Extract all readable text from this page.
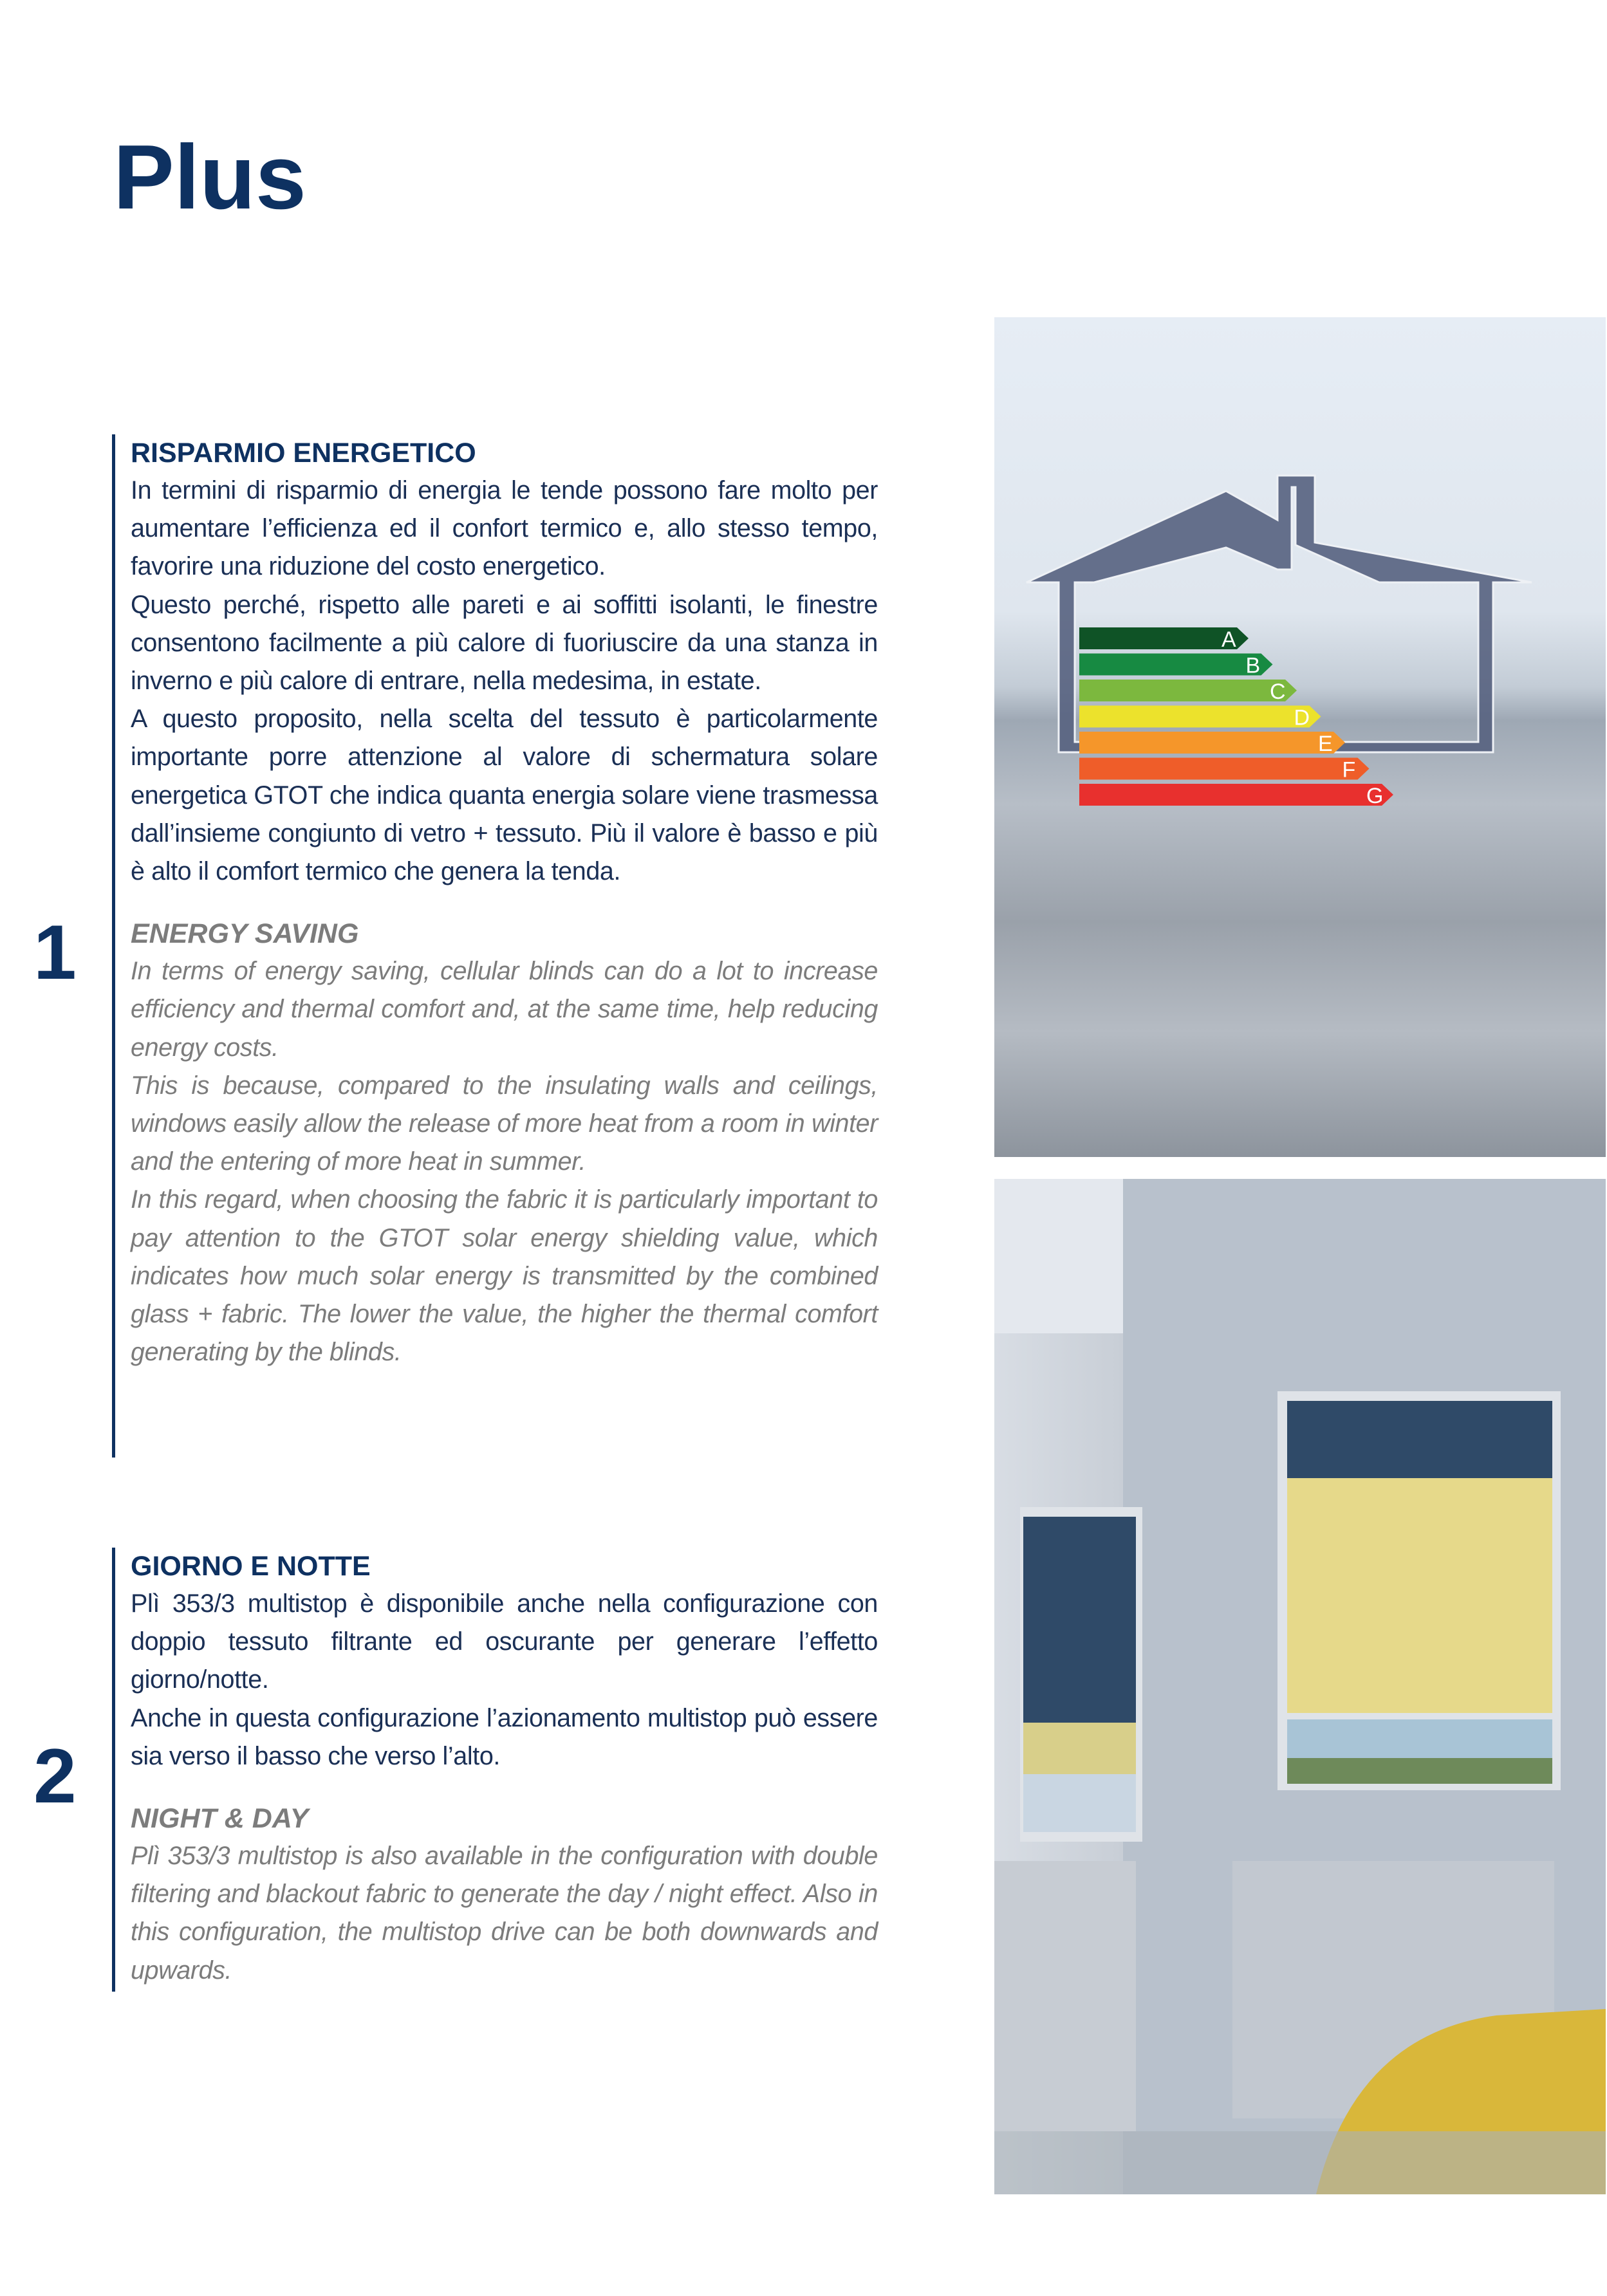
Plus
1
RISPARMIO ENERGETICO

In termini di risparmio di energia le tende possono fare molto per aumentare l’efficienza ed il confort termico e, allo stesso tempo, favorire una riduzione del costo energetico.

Questo perché, rispetto alle pareti e ai soffitti isolanti, le finestre consentono facilmente a più calore di fuoriuscire da una stanza in inverno e più calore di entrare, nella medesima, in estate.

A questo proposito, nella scelta del tessuto è particolarmente importante porre attenzione al valore di schermatura solare energetica GTOT che indica quanta energia solare viene trasmessa dall’insieme congiunto di vetro + tessuto. Più il valore è basso e più è alto il comfort termico che genera la tenda.

ENERGY SAVING

In terms of energy saving, cellular blinds can do a lot to increase efficiency and thermal comfort and, at the same time, help reducing energy costs.

This is because, compared to the insulating walls and ceilings, windows easily allow the release of more heat from a room in winter and the entering of more heat in summer.

In this regard, when choosing the fabric it is particularly important to pay attention to the GTOT solar energy shielding value, which indicates how much solar energy is transmitted by the combined glass + fabric. The lower the value, the higher the thermal comfort generating by the blinds.

2
GIORNO E NOTTE

Plì 353/3 multistop è disponibile anche nella configurazione con doppio tessuto filtrante ed oscurante per generare l’effetto giorno/notte.

Anche in questa configurazione l’azionamento multistop può essere sia verso il basso che verso l’alto.

NIGHT & DAY

Plì 353/3 multistop is also available in the configuration with double filtering and blackout fabric to generate the day / night effect. Also in this configuration, the multistop drive can be both downwards and upwards.

A
B
C
D
E
F
G
